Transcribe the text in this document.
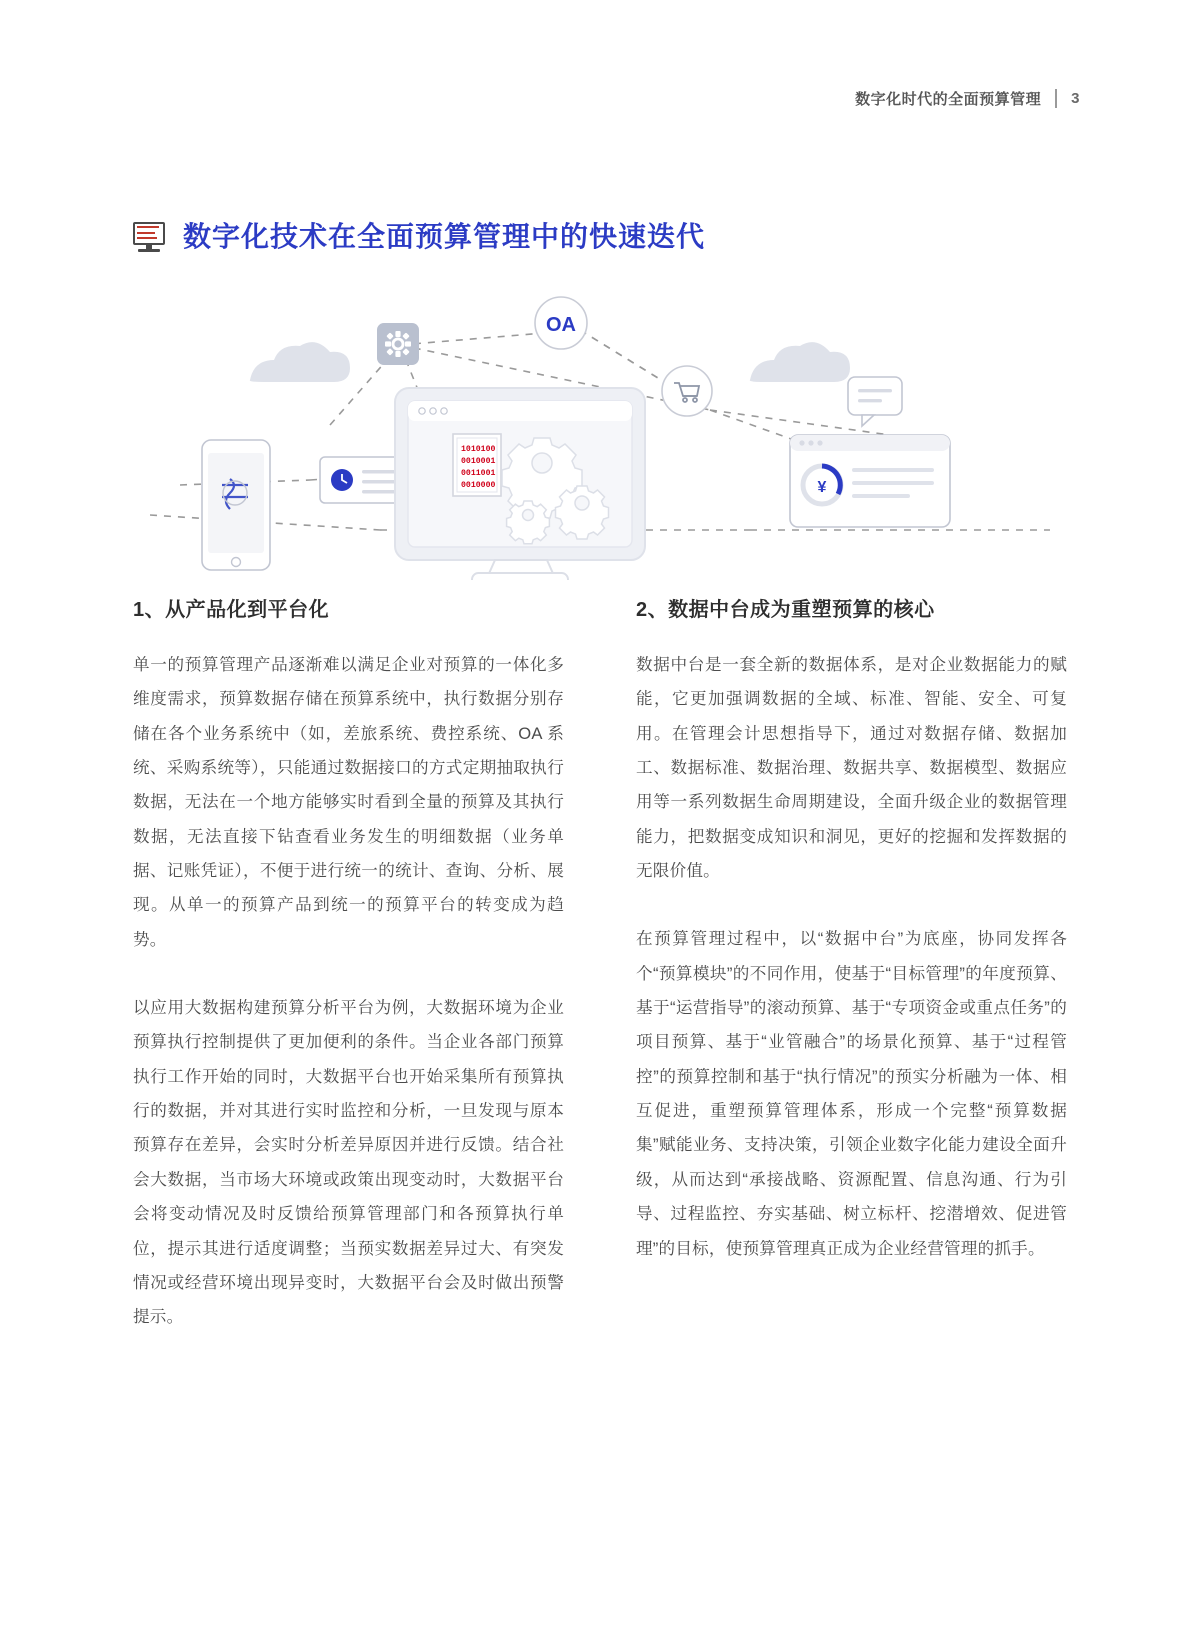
数字化时代的全面预算管理 3
数字化技术在全面预算管理中的快速迭代
OA
1010100
0010001
0011001
0010000	¥
1、从产品化到平台化

单一的预算管理产品逐渐难以满足企业对预算的一体化多维度需求，预算数据存储在预算系统中，执行数据分别存储在各个业务系统中（如，差旅系统、费控系统、OA 系统、采购系统等），只能通过数据接口的方式定期抽取执行数据，无法在一个地方能够实时看到全量的预算及其执行数据，无法直接下钻查看业务发生的明细数据（业务单据、记账凭证），不便于进行统一的统计、查询、分析、展现。从单一的预算产品到统一的预算平台的转变成为趋势。

以应用大数据构建预算分析平台为例，大数据环境为企业预算执行控制提供了更加便利的条件。当企业各部门预算执行工作开始的同时，大数据平台也开始采集所有预算执行的数据，并对其进行实时监控和分析，一旦发现与原本预算存在差异，会实时分析差异原因并进行反馈。结合社会大数据，当市场大环境或政策出现变动时，大数据平台会将变动情况及时反馈给预算管理部门和各预算执行单位，提示其进行适度调整；当预实数据差异过大、有突发情况或经营环境出现异变时，大数据平台会及时做出预警提示。

2、数据中台成为重塑预算的核心

数据中台是一套全新的数据体系，是对企业数据能力的赋能，它更加强调数据的全域、标准、智能、安全、可复用。在管理会计思想指导下，通过对数据存储、数据加工、数据标准、数据治理、数据共享、数据模型、数据应用等一系列数据生命周期建设，全面升级企业的数据管理能力，把数据变成知识和洞见，更好的挖掘和发挥数据的无限价值。

在预算管理过程中，以“数据中台”为底座，协同发挥各个“预算模块”的不同作用，使基于“目标管理”的年度预算、基于“运营指导”的滚动预算、基于“专项资金或重点任务”的项目预算、基于“业管融合”的场景化预算、基于“过程管控”的预算控制和基于“执行情况”的预实分析融为一体、相互促进，重塑预算管理体系，形成一个完整“预算数据集”赋能业务、支持决策，引领企业数字化能力建设全面升级，从而达到“承接战略、资源配置、信息沟通、行为引导、过程监控、夯实基础、树立标杆、挖潜增效、促进管理”的目标，使预算管理真正成为企业经营管理的抓手。
